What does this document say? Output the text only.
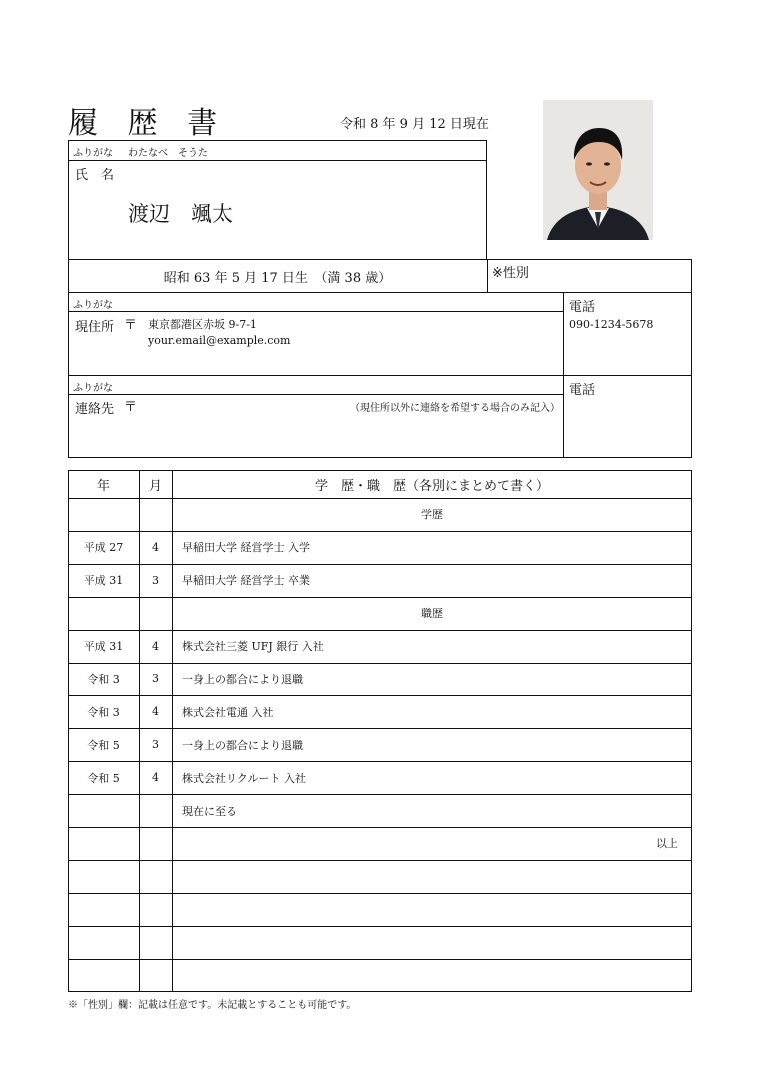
履 歴 書	令和 8 年 9 月 12 日現在
ふりがな わたなべ　そうた
氏　名
渡辺　颯太
昭和 63 年 5 月 17 日生　（満 38 歳）	※性別
ふりがな
現住所 〒 東京都港区赤坂 9-7-1
your.email@example.com
電話
090-1234-5678
ふりがな
連絡先 〒	（現住所以外に連絡を希望する場合のみ記入）
電話
年	月	学　歴・職　歴（各別にまとめて書く）
学歴
平成 27	4	早稲田大学 経営学士 入学
平成 31	3	早稲田大学 経営学士 卒業
職歴
平成 31	4	株式会社三菱 UFJ 銀行 入社
令和 3	3	一身上の都合により退職
令和 3	4	株式会社電通 入社
令和 5	3	一身上の都合により退職
令和 5	4	株式会社リクルート 入社
現在に至る
以上
※「性別」欄：記載は任意です。未記載とすることも可能です。
